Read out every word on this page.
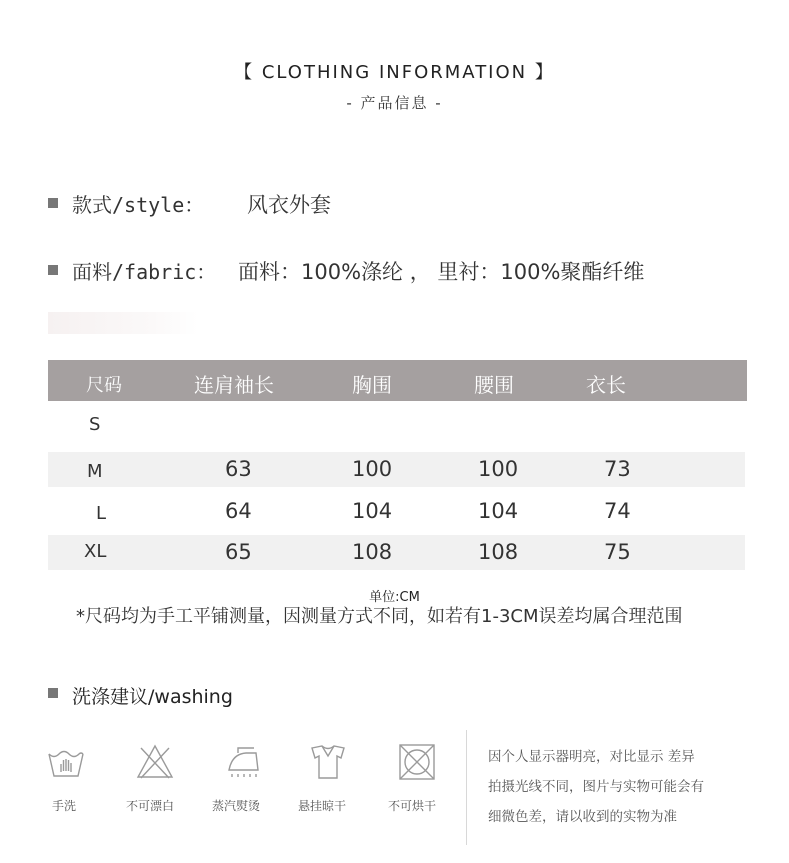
【 CLOTHING INFORMATION 】
- 产品信息 -
款式/style： 风衣外套
面料/fabric： 面料：100%涤纶 ， 里衬：100%聚酯纤维
尺码	连肩袖长	胸围	腰围	衣长
S
M	63	100	100	73
L	64	104	104	74
XL	65	108	108	75
单位:CM
*尺码均为手工平铺测量，因测量方式不同，如若有1-3CM误差均属合理范围
洗涤建议/washing
手洗	不可漂白	蒸汽熨烫	悬挂晾干	不可烘干
因个人显示器明亮，对比显示 差异
拍摄光线不同，图片与实物可能会有
细微色差，请以收到的实物为准
